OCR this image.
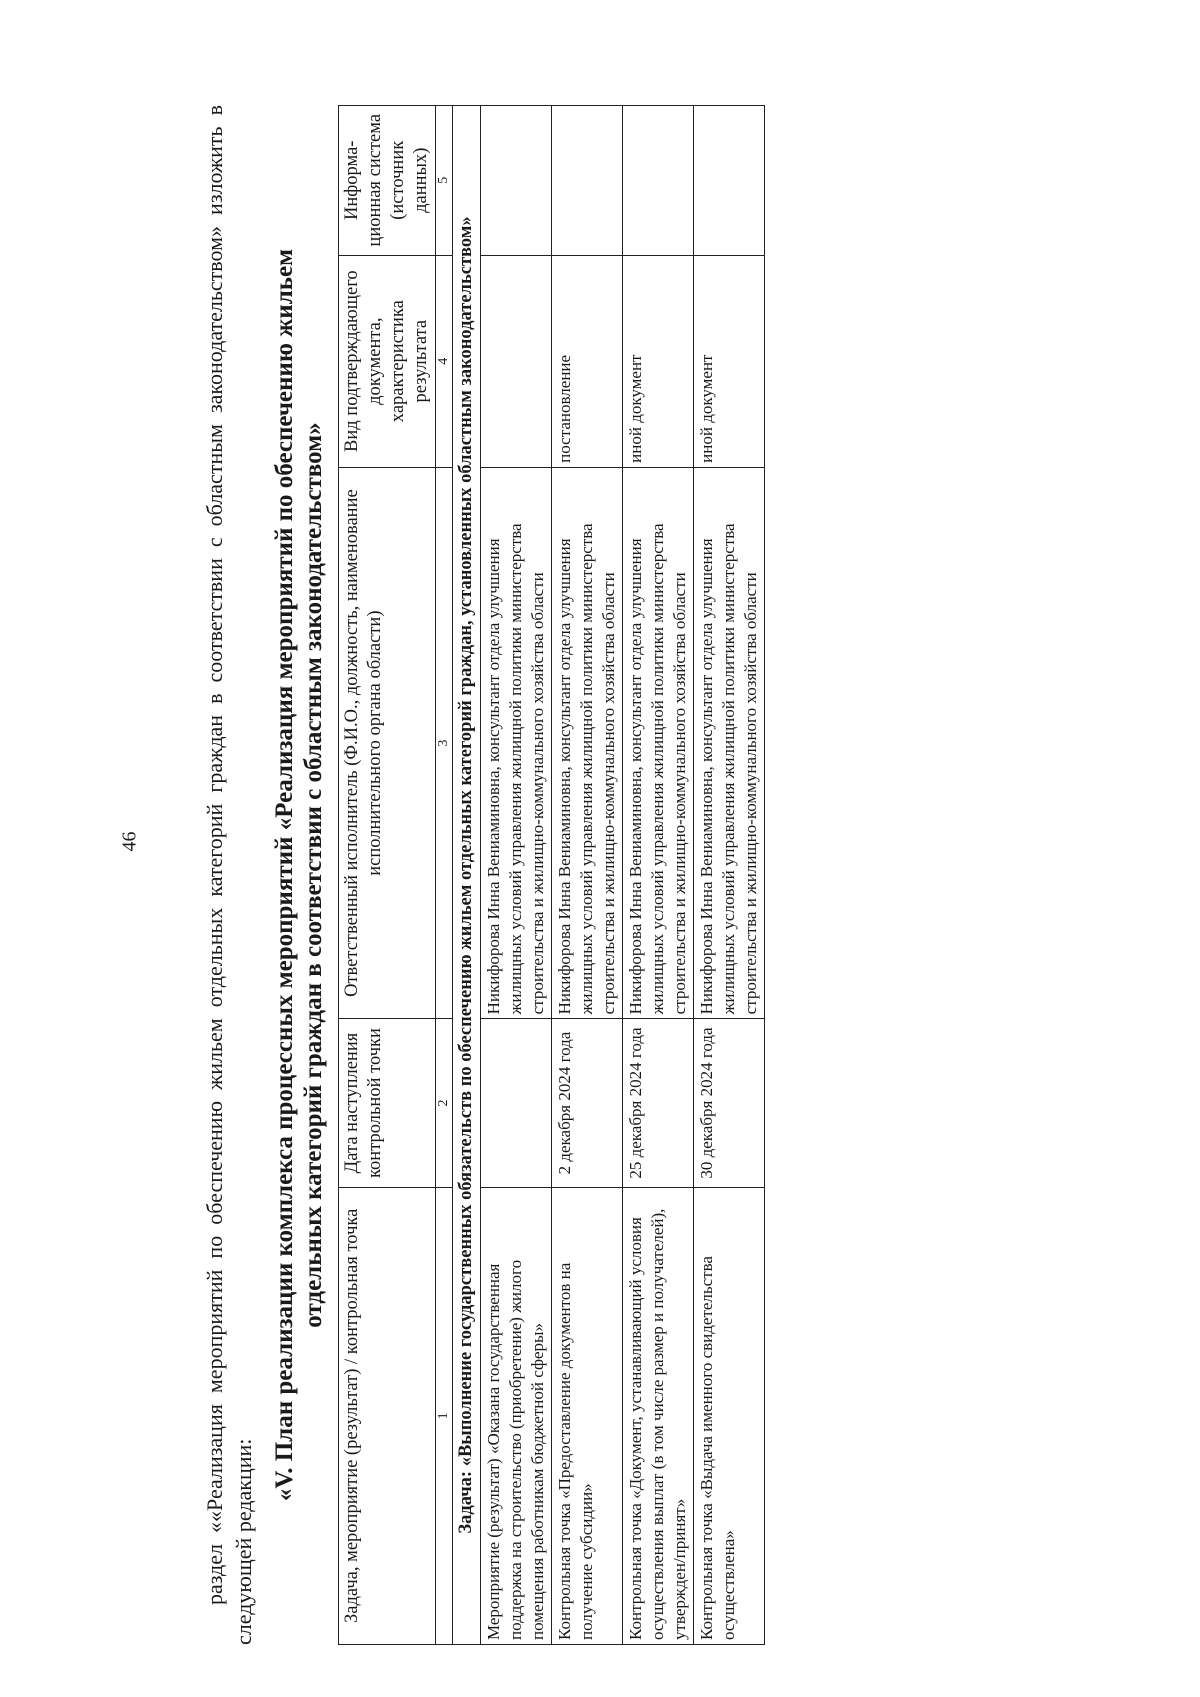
46	раздел ««Реализация мероприятий по обеспечению жильем отдельных категорий граждан в соответствии с областным законодательством» изложить в следующей редакции:

«V. План реализации комплекса процессных мероприятий «Реализация мероприятий по обеспечению жильем отдельных категорий граждан в соответствии с областным законодательством»
Задача, мероприятие (результат) / контрольная точка	Дата наступления контрольной точки	Ответственный исполнитель (Ф.И.О., должность, наименование исполнительного органа области)	Вид подтверждающего документа, характеристика результата	Информа-ционная система (источник данных)
1	2	3	4	5
Задача: «Выполнение государственных обязательств по обеспечению жильем отдельных категорий граждан, установленных областным законодательством»				
Мероприятие (результат) «Оказана государственная поддержка на строительство (приобретение) жилого помещения работникам бюджетной сферы»		Никифорова Инна Вениаминовна, консультант отдела улучшения жилищных условий управления жилищной политики министерства строительства и жилищно-коммунального хозяйства области		
Контрольная точка «Предоставление документов на получение субсидии»	2 декабря 2024 года	Никифорова Инна Вениаминовна, консультант отдела улучшения жилищных условий управления жилищной политики министерства строительства и жилищно-коммунального хозяйства области	постановление	
Контрольная точка «Документ, устанавливающий условия осуществления выплат (в том числе размер и получателей), утвержден/принят»	25 декабря 2024 года	Никифорова Инна Вениаминовна, консультант отдела улучшения жилищных условий управления жилищной политики министерства строительства и жилищно-коммунального хозяйства области	иной документ	
Контрольная точка «Выдача именного свидетельства осуществлена»	30 декабря 2024 года	Никифорова Инна Вениаминовна, консультант отдела улучшения жилищных условий управления жилищной политики министерства строительства и жилищно-коммунального хозяйства области	иной документ	
